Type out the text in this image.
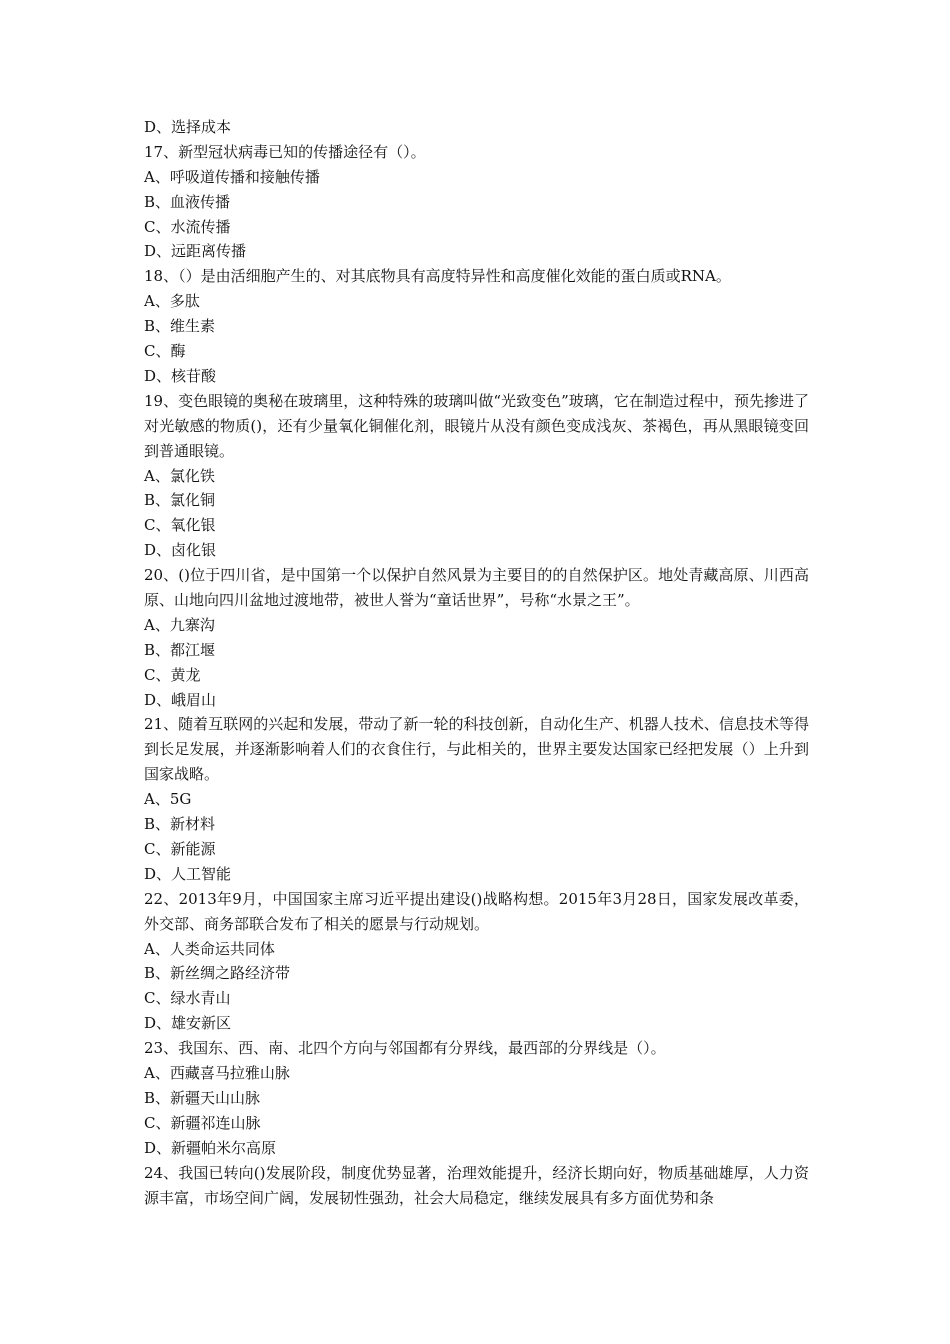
D、选择成本
17、新型冠状病毒已知的传播途径有（）。
A、呼吸道传播和接触传播
B、血液传播
C、水流传播
D、远距离传播
18、（）是由活细胞产生的、对其底物具有高度特异性和高度催化效能的蛋白质或RNA。
A、多肽
B、维生素
C、酶
D、核苷酸
19、变色眼镜的奥秘在玻璃里，这种特殊的玻璃叫做“光致变色”玻璃，它在制造过程中，预先掺进了对光敏感的物质()，还有少量氧化铜催化剂，眼镜片从没有颜色变成浅灰、茶褐色，再从黑眼镜变回到普通眼镜。
A、氯化铁
B、氯化铜
C、氧化银
D、卤化银
20、()位于四川省，是中国第一个以保护自然风景为主要目的的自然保护区。地处青藏高原、川西高原、山地向四川盆地过渡地带，被世人誉为“童话世界”，号称“水景之王”。
A、九寨沟
B、都江堰
C、黄龙
D、峨眉山
21、随着互联网的兴起和发展，带动了新一轮的科技创新，自动化生产、机器人技术、信息技术等得到长足发展，并逐渐影响着人们的衣食住行，与此相关的，世界主要发达国家已经把发展（）上升到国家战略。
A、5G
B、新材料
C、新能源
D、人工智能
22、2013年9月，中国国家主席习近平提出建设()战略构想。2015年3月28日，国家发展改革委，外交部、商务部联合发布了相关的愿景与行动规划。
A、人类命运共同体
B、新丝绸之路经济带
C、绿水青山
D、雄安新区
23、我国东、西、南、北四个方向与邻国都有分界线，最西部的分界线是（）。
A、西藏喜马拉雅山脉
B、新疆天山山脉
C、新疆祁连山脉
D、新疆帕米尔高原
24、我国已转向()发展阶段，制度优势显著，治理效能提升，经济长期向好，物质基础雄厚，人力资源丰富，市场空间广阔，发展韧性强劲，社会大局稳定，继续发展具有多方面优势和条
